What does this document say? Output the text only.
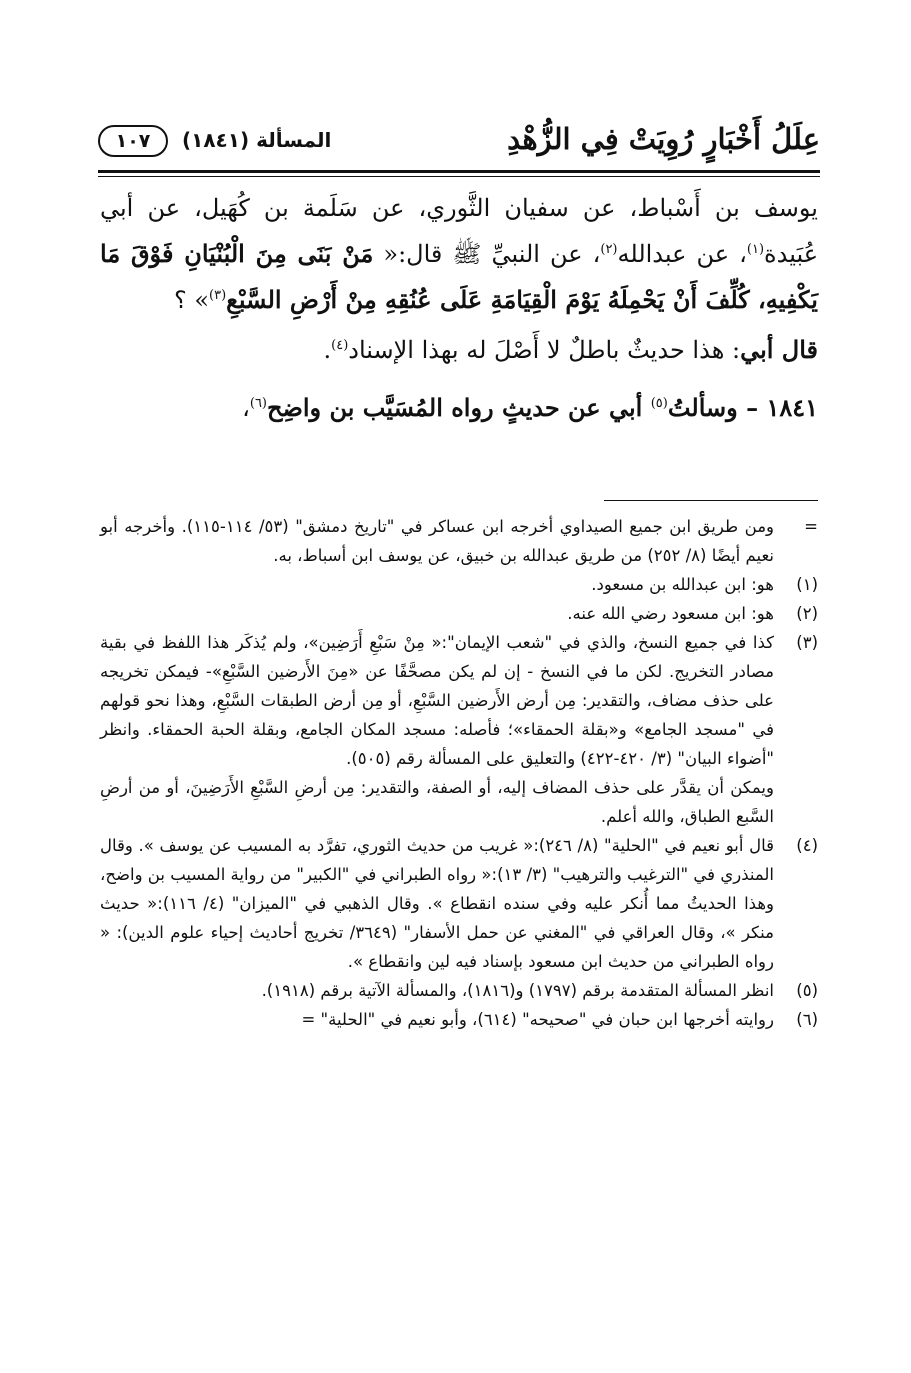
عِلَلُ أَخْبَارٍ رُوِيَتْ فِي الزُّهْدِ
المسألة (١٨٤١)
١٠٧

يوسف بن أَسْباط، عن سفيان الثَّوري، عن سَلَمة بن كُهَيل، عن أبي عُبَيدة$^{(١)}$، عن عبدالله$^{(٢)}$، عن النبيِّ ﷺ قال:« مَنْ بَنَى مِنَ الْبُنْيَانِ فَوْقَ مَا يَكْفِيهِ، كُلِّفَ أَنْ يَحْمِلَهُ يَوْمَ الْقِيَامَةِ عَلَى عُنُقِهِ مِنْ أَرْضِ السَّبْعِ$^{(٣)}$» ؟

قال أبي: هذا حديثٌ باطلٌ لا أَصْلَ له بهذا الإسناد$^{(٤)}$.

١٨٤١ – وسألتُ$^{(٥)}$ أبي عن حديثٍ رواه المُسَيَّب بن واضِح$^{(٦)}$،

=

ومن طريق ابن جميع الصيداوي أخرجه ابن عساكر في "تاريخ دمشق" (٥٣/ ١١٤-١١٥). وأخرجه أبو نعيم أيضًا (٨/ ٢٥٢) من طريق عبدالله بن خبيق، عن يوسف ابن أسباط، به.

(١)

هو: ابن عبدالله بن مسعود.

(٢)

هو: ابن مسعود رضي الله عنه.

(٣)

كذا في جميع النسخ، والذي في "شعب الإيمان":« مِنْ سَبْعِ أَرَضِين»، ولم يُذكَر هذا اللفظ في بقية مصادر التخريج. لكن ما في النسخ - إن لم يكن مصحَّفًا عن «مِنَ الأَرضين السَّبْعِ»- فيمكن تخريجه على حذف مضاف، والتقدير: مِن أرض الأَرضين السَّبْعِ، أو مِن أرض الطبقات السَّبْعِ، وهذا نحو قولهم في "مسجد الجامع» و«بقلة الحمقاء»؛ فأصله: مسجد المكان الجامع، وبقلة الحبة الحمقاء. وانظر "أضواء البيان" (٣/ ٤٢٠-٤٢٢) والتعليق على المسألة رقم (٥٠٥).

ويمكن أن يقدَّر على حذف المضاف إليه، أو الصفة، والتقدير: مِن أرضِ السَّبْعِ الأَرَضِينَ، أو من أرضِ السَّبع الطباق، والله أعلم.

(٤)

قال أبو نعيم في "الحلية" (٨/ ٢٤٦):« غريب من حديث الثوري، تفرَّد به المسيب عن يوسف ». وقال المنذري في "الترغيب والترهيب" (٣/ ١٣):« رواه الطبراني في "الكبير" من رواية المسيب بن واضح، وهذا الحديثُ مما أُنكر عليه وفي سنده انقطاع ». وقال الذهبي في "الميزان" (٤/ ١١٦):« حديث منكر »، وقال العراقي في "المغني عن حمل الأسفار" (٣٦٤٩/ تخريج أحاديث إحياء علوم الدين): « رواه الطبراني من حديث ابن مسعود بإسناد فيه لين وانقطاع ».

(٥)

انظر المسألة المتقدمة برقم (١٧٩٧) و(١٨١٦)، والمسألة الآتية برقم (١٩١٨).

(٦)

روايته أخرجها ابن حبان في "صحيحه" (٦١٤)، وأبو نعيم في "الحلية" =
